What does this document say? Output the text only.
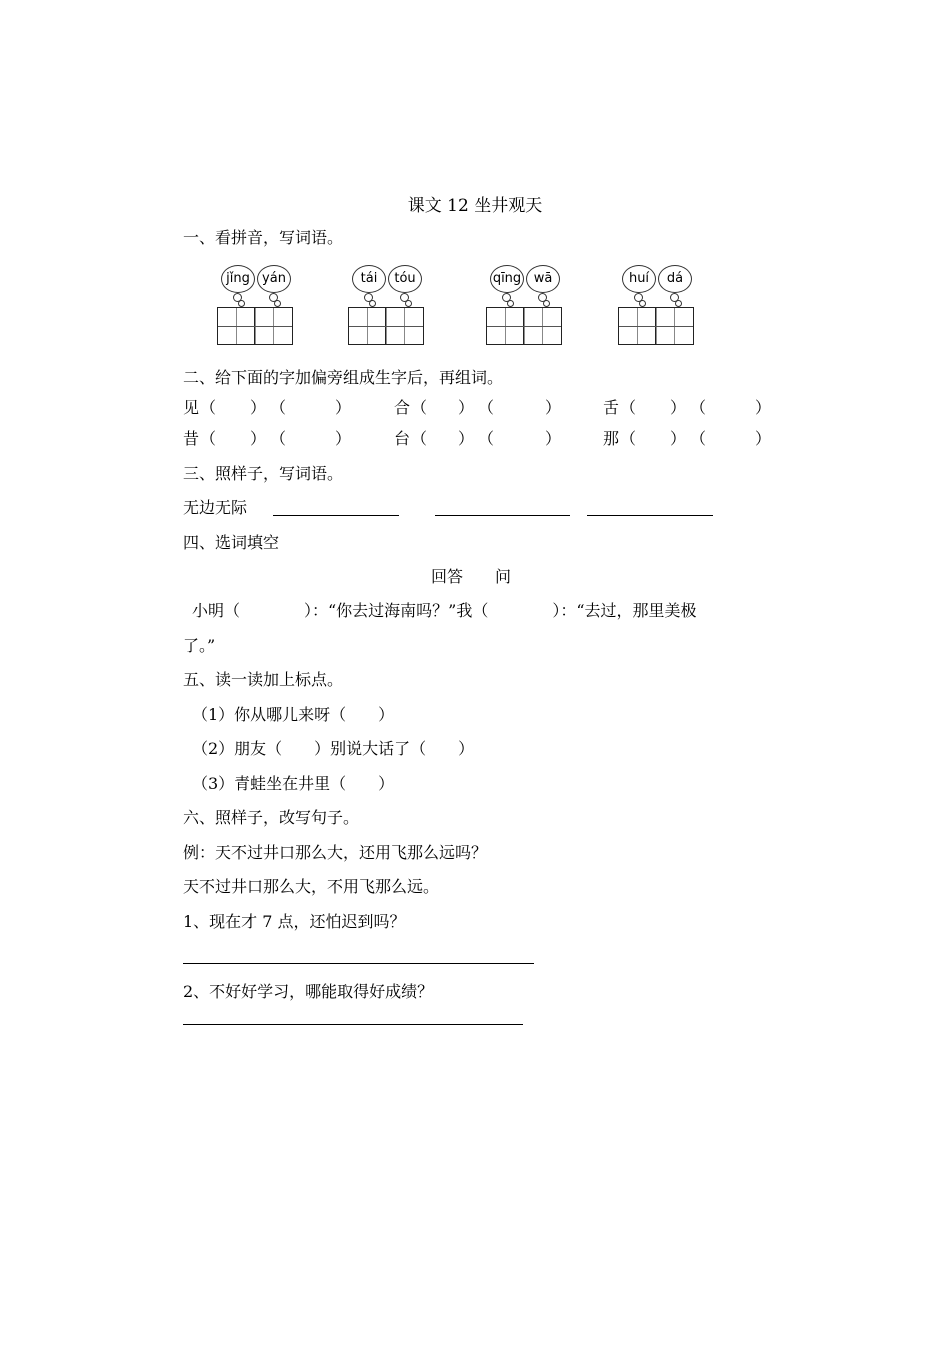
课文 12 坐井观天
一、看拼音，写词语。
jǐng yán	tái	tóu	qīng wā	huí	dá
二、给下面的字加偏旁组成生字后，再组词。
见 （ ） （	）	合 （ ） （	）	舌 （ ） （	）
昔 （ ） （	）	台 （ ） （	）	那 （ ） （	）
三、照样子，写词语。
无边无际
四、选词填空
回答　　问
小明（　　　　）：“你去过海南吗？”我（　　　　）：“去过，那里美极
了。”
五、读一读加上标点。
（1）你从哪儿来呀（　　）
（2）朋友（　　）别说大话了（　　）
（3）青蛙坐在井里（　　）
六、照样子，改写句子。
例：天不过井口那么大，还用飞那么远吗？
天不过井口那么大，不用飞那么远。
1、现在才 7 点，还怕迟到吗？
2、不好好学习，哪能取得好成绩？
